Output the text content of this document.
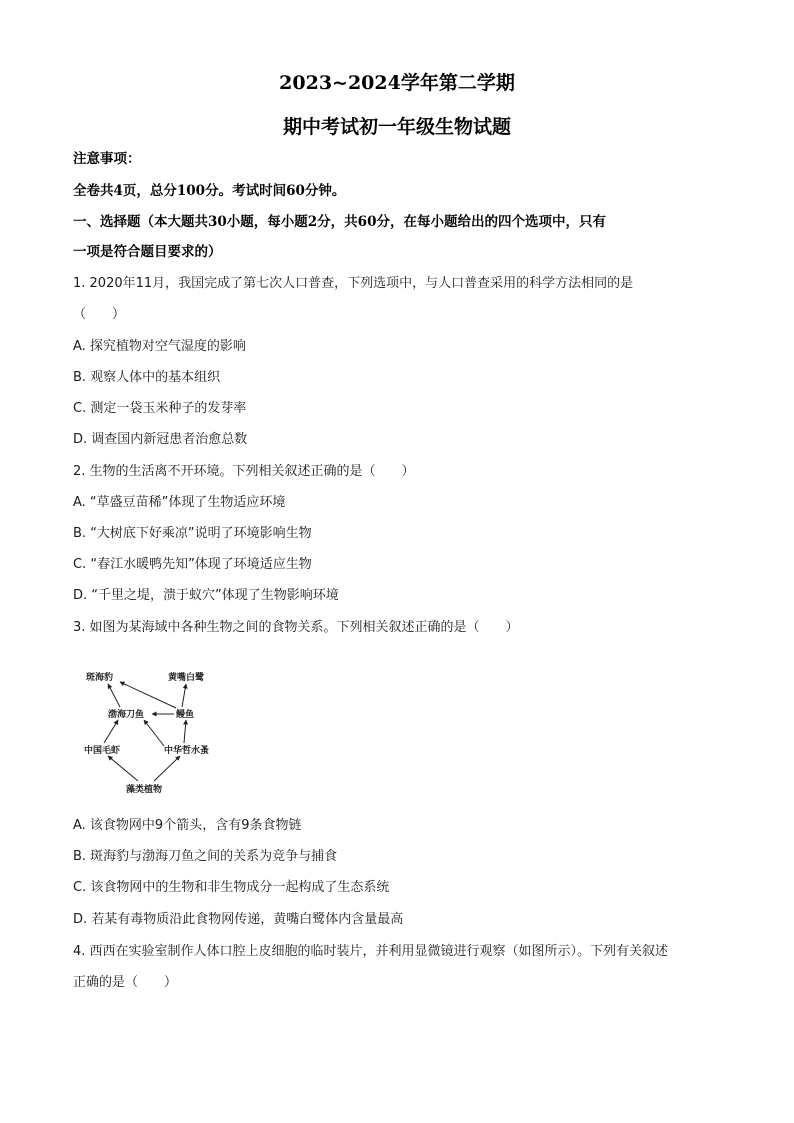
2023~2024学年第二学期
期中考试初一年级生物试题
注意事项：
全卷共4页，总分100分。考试时间60分钟。
一、选择题（本大题共30小题，每小题2分，共60分，在每小题给出的四个选项中，只有
一项是符合题目要求的）
1. 2020年11月，我国完成了第七次人口普查，下列选项中，与人口普查采用的科学方法相同的是
（　　）
A. 探究植物对空气湿度的影响
B. 观察人体中的基本组织
C. 测定一袋玉米种子的发芽率
D. 调查国内新冠患者治愈总数
2. 生物的生活离不开环境。下列相关叙述正确的是（　　）
A. “草盛豆苗稀”体现了生物适应环境
B. “大树底下好乘凉”说明了环境影响生物
C. “春江水暖鸭先知”体现了环境适应生物
D. “千里之堤，溃于蚁穴”体现了生物影响环境
3. 如图为某海域中各种生物之间的食物关系。下列相关叙述正确的是（　　）
斑海豹	黄嘴白鹭
渤海刀鱼	鳗鱼
中国毛虾	中华哲水蚤
藻类植物
A. 该食物网中9个箭头，含有9条食物链
B. 斑海豹与渤海刀鱼之间的关系为竞争与捕食
C. 该食物网中的生物和非生物成分一起构成了生态系统
D. 若某有毒物质沿此食物网传递，黄嘴白鹭体内含量最高
4. 西西在实验室制作人体口腔上皮细胞的临时装片，并利用显微镜进行观察（如图所示）。下列有关叙述
正确的是（　　）
